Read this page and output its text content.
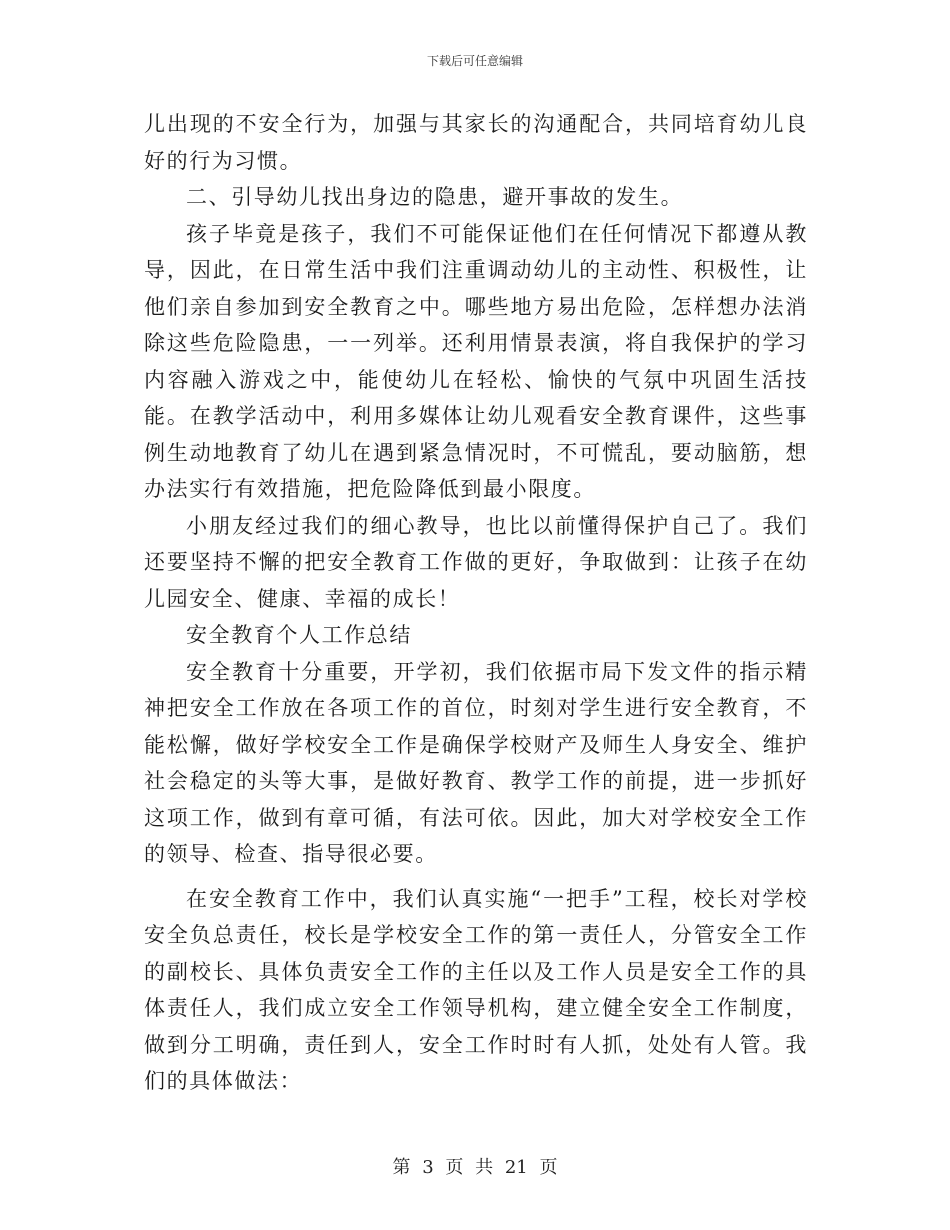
下载后可任意编辑

儿出现的不安全行为，加强与其家长的沟通配合，共同培育幼儿良好的行为习惯。

二、引导幼儿找出身边的隐患，避开事故的发生。

孩子毕竟是孩子，我们不可能保证他们在任何情况下都遵从教导，因此，在日常生活中我们注重调动幼儿的主动性、积极性，让他们亲自参加到安全教育之中。哪些地方易出危险，怎样想办法消除这些危险隐患，一一列举。还利用情景表演，将自我保护的学习内容融入游戏之中，能使幼儿在轻松、愉快的气氛中巩固生活技能。在教学活动中，利用多媒体让幼儿观看安全教育课件，这些事例生动地教育了幼儿在遇到紧急情况时，不可慌乱，要动脑筋，想办法实行有效措施，把危险降低到最小限度。

小朋友经过我们的细心教导，也比以前懂得保护自己了。我们还要坚持不懈的把安全教育工作做的更好，争取做到：让孩子在幼儿园安全、健康、幸福的成长！

安全教育个人工作总结

安全教育十分重要，开学初，我们依据市局下发文件的指示精神把安全工作放在各项工作的首位，时刻对学生进行安全教育，不能松懈，做好学校安全工作是确保学校财产及师生人身安全、维护社会稳定的头等大事，是做好教育、教学工作的前提，进一步抓好这项工作，做到有章可循，有法可依。因此，加大对学校安全工作的领导、检查、指导很必要。

在安全教育工作中，我们认真实施“一把手”工程，校长对学校安全负总责任，校长是学校安全工作的第一责任人，分管安全工作的副校长、具体负责安全工作的主任以及工作人员是安全工作的具体责任人，我们成立安全工作领导机构，建立健全安全工作制度，做到分工明确，责任到人，安全工作时时有人抓，处处有人管。我们的具体做法：

第 3 页 共 21 页
